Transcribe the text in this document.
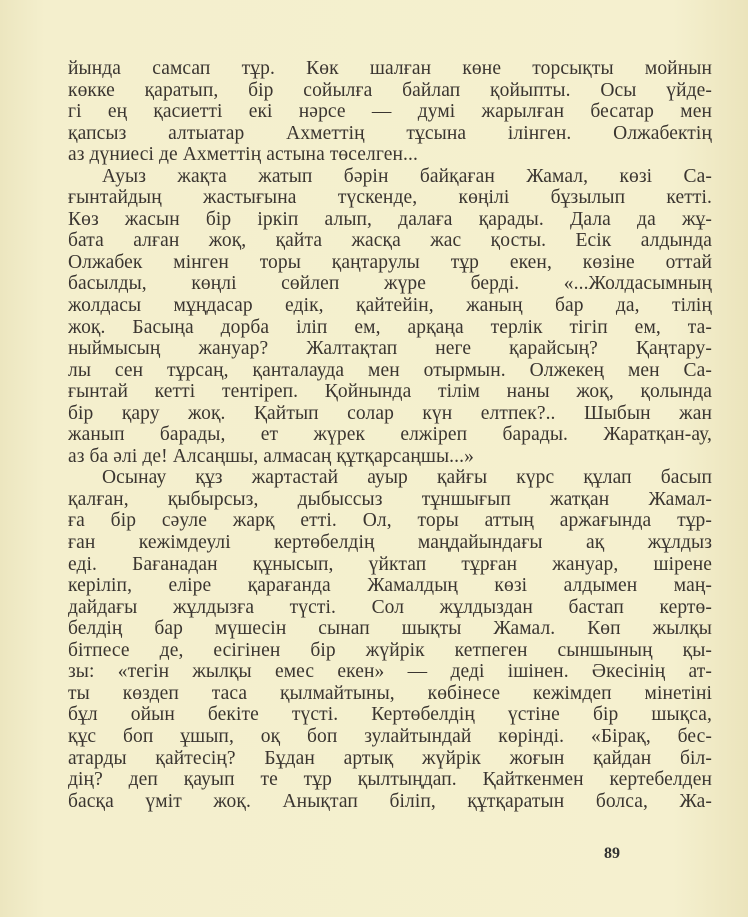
йында самсап тұр. Көк шалған көне торсықты мойнын
көкке қаратып, бір сойылға байлап қойыпты. Осы үйде-
гі ең қасиетті екі нәрсе — думі жарылған бесатар мен
қапсыз алтыатар Ахметтің тұсына ілінген. Олжабектің
аз дүниесі де Ахметтің астына төселген...
Ауыз жақта жатып бәрін байқаған Жамал, көзі Са-
ғынтайдың жастығына түскенде, көңілі бұзылып кетті.
Көз жасын бір іркіп алып, далаға қарады. Дала да жұ-
бата алған жоқ, қайта жасқа жас қосты. Есік алдында
Олжабек мінген торы қаңтарулы тұр екен, көзіне оттай
басылды, көңлі сөйлеп жүре берді. «...Жолдасымның
жолдасы мұңдасар едік, қайтейін, жаның бар да, тілің
жоқ. Басыңа дорба іліп ем, арқаңа терлік тігіп ем, та-
ныймысың жануар? Жалтақтап неге қарайсың? Қаңтару-
лы сен тұрсаң, қанталауда мен отырмын. Олжекең мен Са-
ғынтай кетті тентіреп. Қойнында тілім наны жоқ, қолында
бір қару жоқ. Қайтып солар күн елтпек?.. Шыбын жан
жанып барады, ет жүрек елжіреп барады. Жаратқан-ау,
аз ба әлі де! Алсаңшы, алмасаң құтқарсаңшы...»
Осынау құз жартастай ауыр қайғы күрс құлап басып
қалған, қыбырсыз, дыбыссыз тұншығып жатқан Жамал-
ға бір сәуле жарқ етті. Ол, торы аттың аржағында тұр-
ған кежімдеулі кертөбелдің маңдайындағы ақ жұлдыз
еді. Бағанадан құнысып, үйктап тұрған жануар, шірене
керіліп, еліре қарағанда Жамалдың көзі алдымен маң-
дайдағы жұлдызға түсті. Сол жұлдыздан бастап кертө-
белдің бар мүшесін сынап шықты Жамал. Көп жылқы
бітпесе де, есігінен бір жүйрік кетпеген сыншының қы-
зы: «тегін жылқы емес екен» — деді ішінен. Әкесінің ат-
ты көздеп таса қылмайтыны, көбінесе кежімдеп мінетіні
бұл ойын бекіте түсті. Кертөбелдің үстіне бір шықса,
құс боп ұшып, оқ боп зулайтындай көрінді. «Бірақ, бес-
атарды қайтесің? Бұдан артық жүйрік жоғын қайдан біл-
дің? деп қауып те тұр қылтыңдап. Қайткенмен кертебелден
басқа үміт жоқ. Анықтап біліп, құтқаратын болса, Жа-
89
